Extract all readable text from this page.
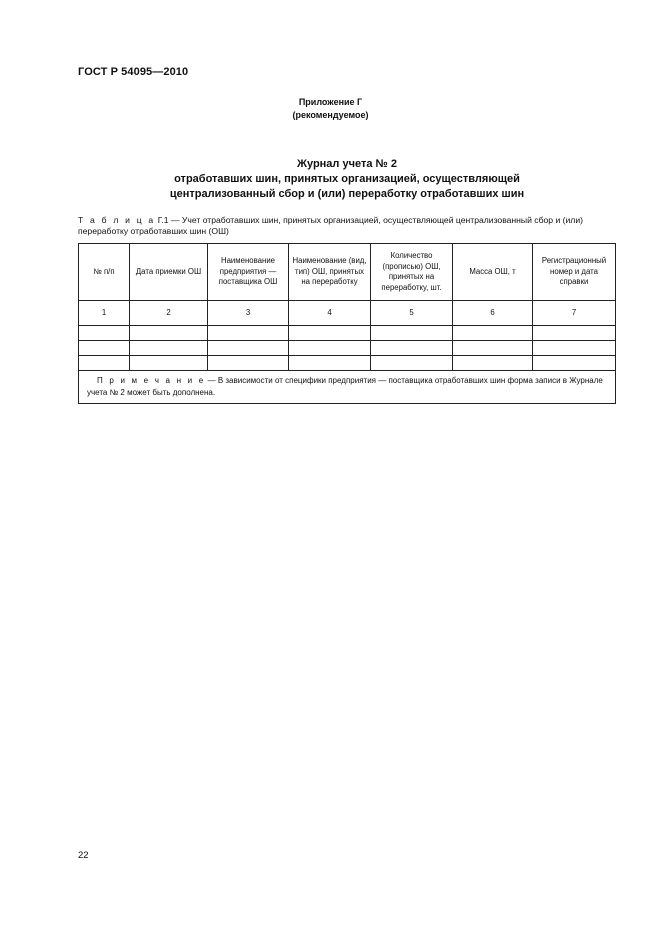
ГОСТ Р 54095—2010
Приложение Г
(рекомендуемое)
Журнал учета № 2
отработавших шин, принятых организацией, осуществляющей
централизованный сбор и (или) переработку отработавших шин
Т а б л и ц а Г.1 — Учет отработавших шин, принятых организацией, осуществляющей централизованный сбор и (или) переработку отработавших шин (ОШ)
№ п/п	Дата приемки ОШ	Наименование предприятия — поставщика ОШ	Наименование (вид, тип) ОШ, принятых на переработку	Количество (прописью) ОШ, принятых на переработку, шт.	Масса ОШ, т	Регистрационный номер и дата справки
1	2	3	4	5	6	7

П р и м е ч а н и е — В зависимости от специфики предприятия — поставщика отработавших шин форма записи в Журнале учета № 2 может быть дополнена.						
22
